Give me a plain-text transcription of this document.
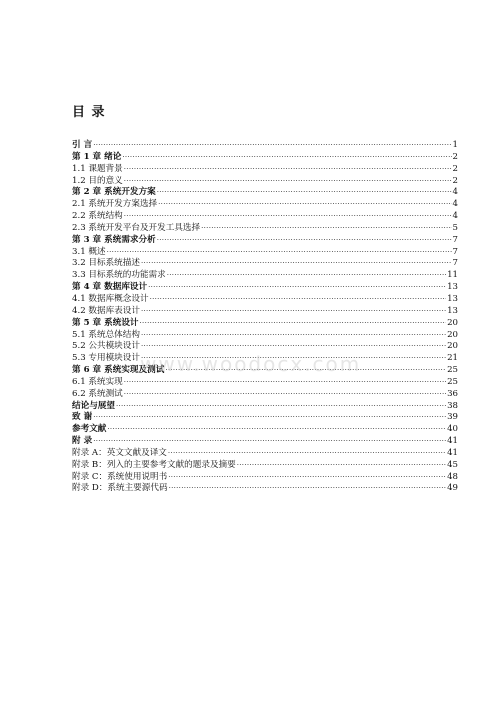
目 录
引 言 ·····	1
第 1 章 绪论 ·····	2
1.1 课题背景 ·····	2
1.2 目的意义 ·····	2
第 2 章 系统开发方案 ·····	4
2.1 系统开发方案选择 ·····	4
2.2 系统结构 ·····	4
2.3 系统开发平台及开发工具选择 ·····	5
第 3 章 系统需求分析 ·····	7
3.1 概述 ·····	7
3.2 目标系统描述 ·····	7
3.3 目标系统的功能需求 ·····	11
第 4 章 数据库设计 ·····	13
4.1 数据库概念设计 ·····	13
4.2 数据库表设计 ·····	13
第 5 章 系统设计 ·····	20
5.1 系统总体结构 ·····	20
5.2 公共模块设计 ·····	20
5.3 专用模块设计 ·····	21
第 6 章 系统实现及测试 ·····	25
6.1 系统实现 ·····	25
6.2 系统测试 ·····	36
结论与展望 ·····	38
致 谢 ·····	39
参考文献 ·····	40
附 录 ·····	41
附录 A：英文文献及译文 ·····	41
附录 B：列入的主要参考文献的题录及摘要 ·····	45
附录 C：系统使用说明书 ·····	48
附录 D：系统主要源代码 ·····	49
www.woodocx.com
